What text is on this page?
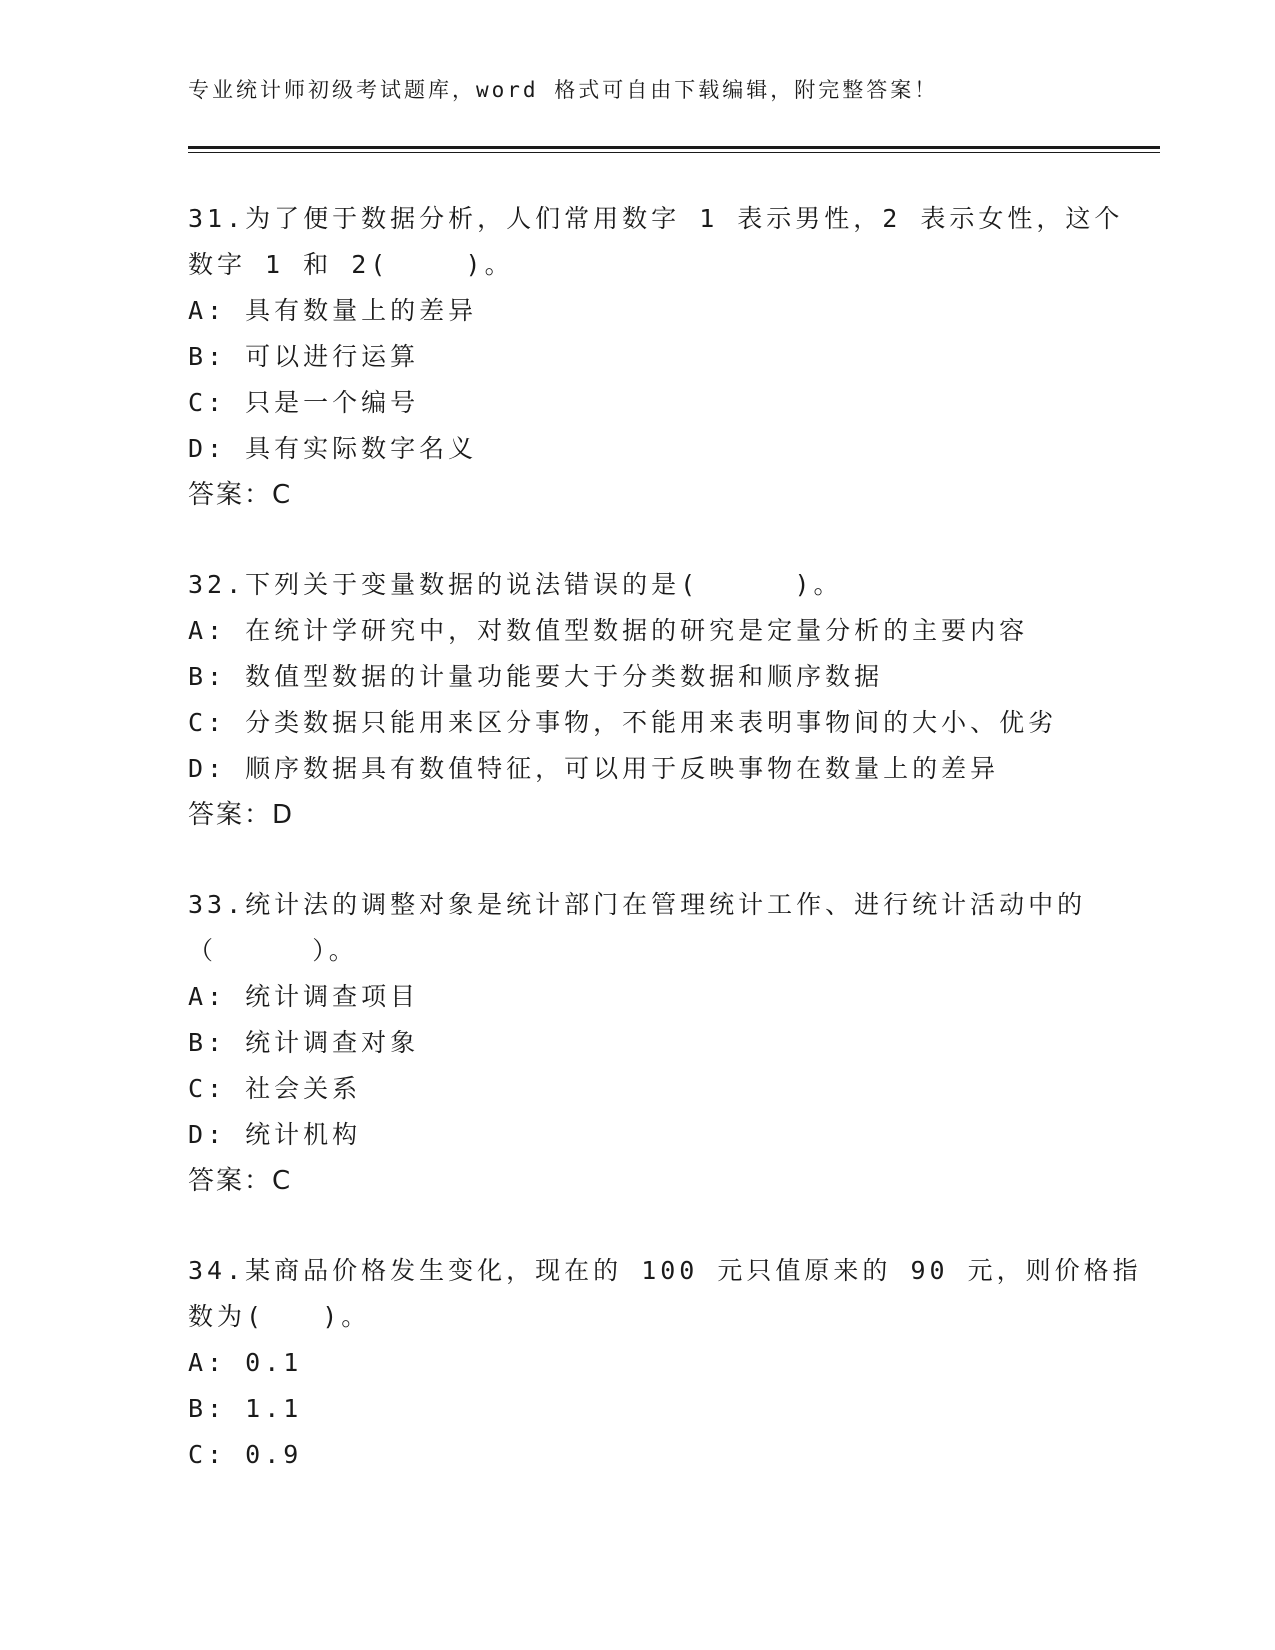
专业统计师初级考试题库，word 格式可自由下载编辑，附完整答案！
31.为了便于数据分析，人们常用数字 1 表示男性，2 表示女性，这个
数字 1 和 2(    )。
A: 具有数量上的差异
B: 可以进行运算
C: 只是一个编号
D: 具有实际数字名义
答案：C
32.下列关于变量数据的说法错误的是(     )。
A: 在统计学研究中，对数值型数据的研究是定量分析的主要内容
B: 数值型数据的计量功能要大于分类数据和顺序数据
C: 分类数据只能用来区分事物，不能用来表明事物间的大小、优劣
D: 顺序数据具有数值特征，可以用于反映事物在数量上的差异
答案：D
33.统计法的调整对象是统计部门在管理统计工作、进行统计活动中的
（     ）。
A: 统计调查项目
B: 统计调查对象
C: 社会关系
D: 统计机构
答案：C
34.某商品价格发生变化，现在的 100 元只值原来的 90 元，则价格指
数为(   )。
A: 0.1
B: 1.1
C: 0.9
